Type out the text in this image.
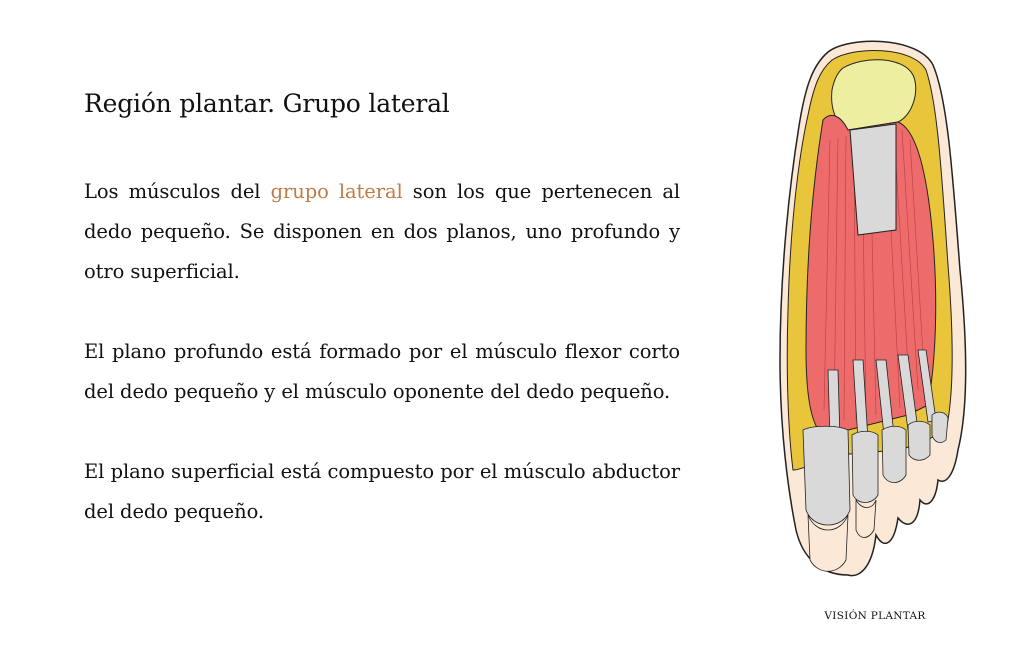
Región plantar. Grupo lateral

Los músculos del grupo lateral son los que pertenecen al dedo pequeño. Se disponen en dos planos, uno profundo y otro superficial.

El plano profundo está formado por el músculo flexor corto del dedo pequeño y el músculo oponente del dedo pequeño.

El plano superficial está compuesto por el músculo abductor del dedo pequeño.

VISIÓN PLANTAR
